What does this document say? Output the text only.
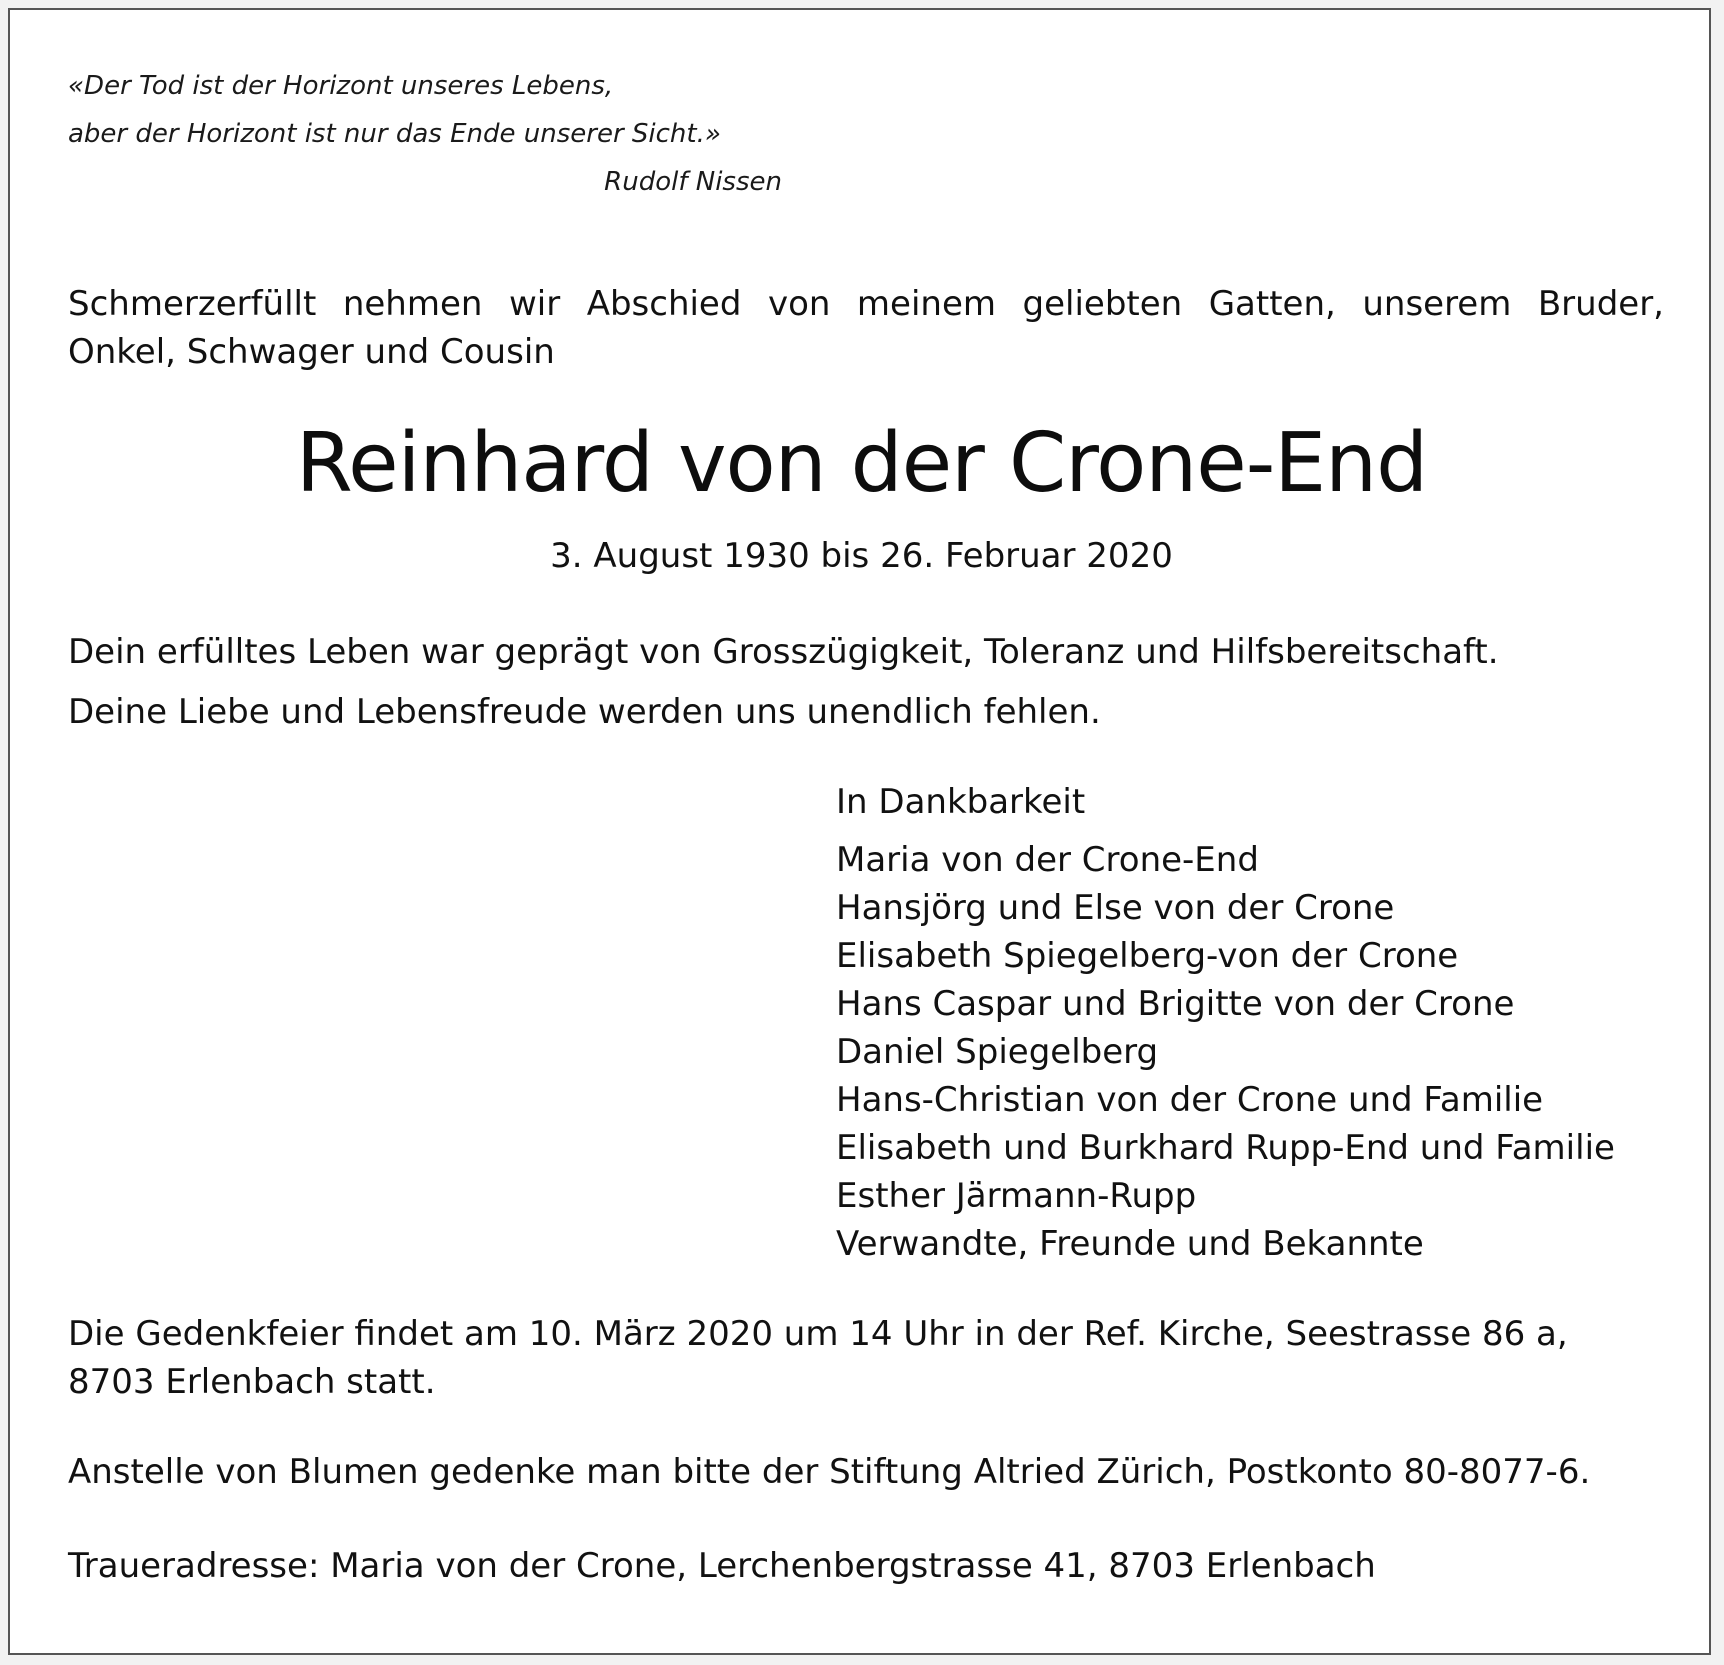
«Der Tod ist der Horizont unseres Lebens,
aber der Horizont ist nur das Ende unserer Sicht.»
Rudolf Nissen
Schmerzerfüllt nehmen wir Abschied von meinem geliebten Gatten, unserem Bruder,
Onkel, Schwager und Cousin
Reinhard von der Crone-End
3. August 1930 bis 26. Februar 2020
Dein erfülltes Leben war geprägt von Grosszügigkeit, Toleranz und Hilfsbereitschaft.
Deine Liebe und Lebensfreude werden uns unendlich fehlen.
In Dankbarkeit
Maria von der Crone-End
Hansjörg und Else von der Crone
Elisabeth Spiegelberg-von der Crone
Hans Caspar und Brigitte von der Crone
Daniel Spiegelberg
Hans-Christian von der Crone und Familie
Elisabeth und Burkhard Rupp-End und Familie
Esther Järmann-Rupp
Verwandte, Freunde und Bekannte
Die Gedenkfeier findet am 10. März 2020 um 14 Uhr in der Ref. Kirche, Seestrasse 86 a,
8703 Erlenbach statt.
Anstelle von Blumen gedenke man bitte der Stiftung Altried Zürich, Postkonto 80-8077-6.
Traueradresse: Maria von der Crone, Lerchenbergstrasse 41, 8703 Erlenbach
